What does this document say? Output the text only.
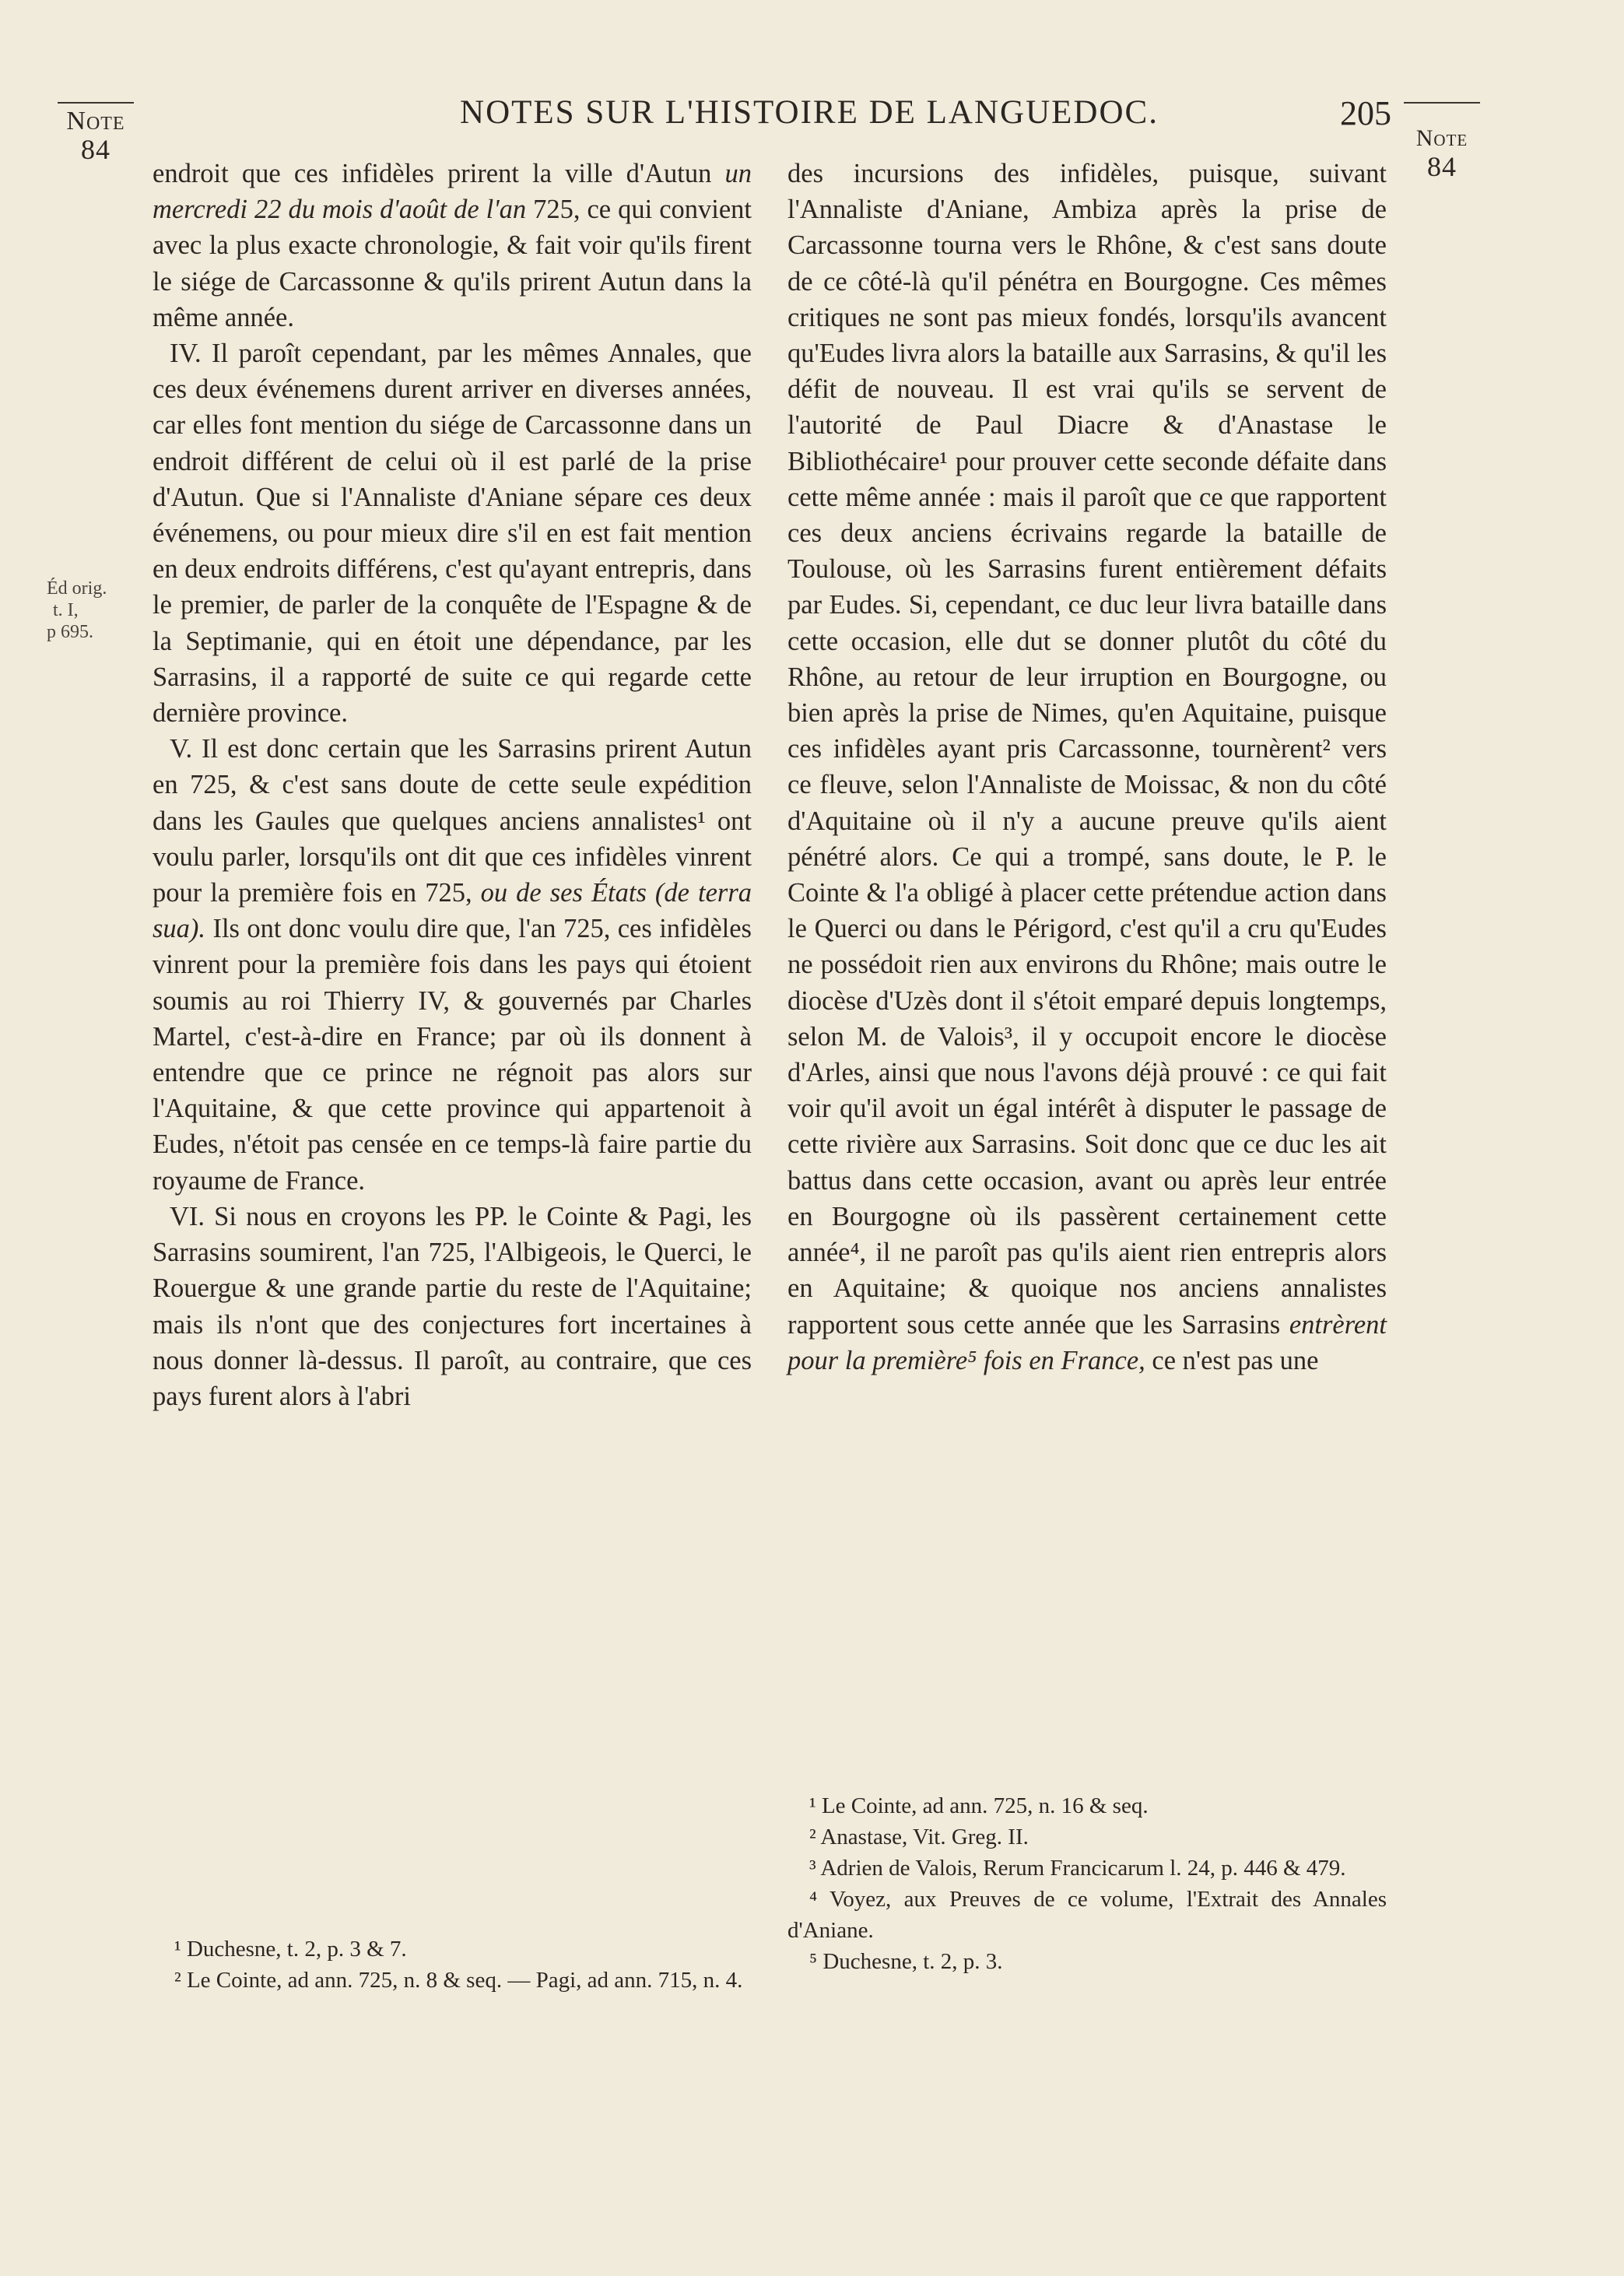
Note
84
NOTES SUR L'HISTOIRE DE LANGUEDOC.	205
Note
84
Éd orig.
t. I,
p 695.

endroit que ces infidèles prirent la ville d'Autun un mercredi 22 du mois d'août de l'an 725, ce qui convient avec la plus exacte chronologie, & fait voir qu'ils firent le siége de Carcassonne & qu'ils prirent Autun dans la même année.

IV. Il paroît cependant, par les mêmes Annales, que ces deux événemens durent arriver en diverses années, car elles font mention du siége de Carcassonne dans un endroit différent de celui où il est parlé de la prise d'Autun. Que si l'Annaliste d'Aniane sépare ces deux événemens, ou pour mieux dire s'il en est fait mention en deux endroits différens, c'est qu'ayant entrepris, dans le premier, de parler de la conquête de l'Espagne & de la Septimanie, qui en étoit une dépendance, par les Sarrasins, il a rapporté de suite ce qui regarde cette dernière province.

V. Il est donc certain que les Sarrasins prirent Autun en 725, & c'est sans doute de cette seule expédition dans les Gaules que quelques anciens annalistes¹ ont voulu parler, lorsqu'ils ont dit que ces infidèles vinrent pour la première fois en 725, ou de ses États (de terra sua). Ils ont donc voulu dire que, l'an 725, ces infidèles vinrent pour la première fois dans les pays qui étoient soumis au roi Thierry IV, & gouvernés par Charles Martel, c'est-à-dire en France; par où ils donnent à entendre que ce prince ne régnoit pas alors sur l'Aquitaine, & que cette province qui appartenoit à Eudes, n'étoit pas censée en ce temps-là faire partie du royaume de France.

VI. Si nous en croyons les PP. le Cointe & Pagi, les Sarrasins soumirent, l'an 725, l'Albigeois, le Querci, le Rouergue & une grande partie du reste de l'Aquitaine; mais ils n'ont que des conjectures fort incertaines à nous donner là-dessus. Il paroît, au contraire, que ces pays furent alors à l'abri

des incursions des infidèles, puisque, suivant l'Annaliste d'Aniane, Ambiza après la prise de Carcassonne tourna vers le Rhône, & c'est sans doute de ce côté-là qu'il pénétra en Bourgogne. Ces mêmes critiques ne sont pas mieux fondés, lorsqu'ils avancent qu'Eudes livra alors la bataille aux Sarrasins, & qu'il les défit de nouveau. Il est vrai qu'ils se servent de l'autorité de Paul Diacre & d'Anastase le Bibliothécaire¹ pour prouver cette seconde défaite dans cette même année : mais il paroît que ce que rapportent ces deux anciens écrivains regarde la bataille de Toulouse, où les Sarrasins furent entièrement défaits par Eudes. Si, cependant, ce duc leur livra bataille dans cette occasion, elle dut se donner plutôt du côté du Rhône, au retour de leur irruption en Bourgogne, ou bien après la prise de Nimes, qu'en Aquitaine, puisque ces infidèles ayant pris Carcassonne, tournèrent² vers ce fleuve, selon l'Annaliste de Moissac, & non du côté d'Aquitaine où il n'y a aucune preuve qu'ils aient pénétré alors. Ce qui a trompé, sans doute, le P. le Cointe & l'a obligé à placer cette prétendue action dans le Querci ou dans le Périgord, c'est qu'il a cru qu'Eudes ne possédoit rien aux environs du Rhône; mais outre le diocèse d'Uzès dont il s'étoit emparé depuis longtemps, selon M. de Valois³, il y occupoit encore le diocèse d'Arles, ainsi que nous l'avons déjà prouvé : ce qui fait voir qu'il avoit un égal intérêt à disputer le passage de cette rivière aux Sarrasins. Soit donc que ce duc les ait battus dans cette occasion, avant ou après leur entrée en Bourgogne où ils passèrent certainement cette année⁴, il ne paroît pas qu'ils aient rien entrepris alors en Aquitaine; & quoique nos anciens annalistes rapportent sous cette année que les Sarrasins entrèrent pour la première⁵ fois en France, ce n'est pas une

¹ Duchesne, t. 2, p. 3 & 7.
² Le Cointe, ad ann. 725, n. 8 & seq. — Pagi, ad ann. 715, n. 4.
¹ Le Cointe, ad ann. 725, n. 16 & seq.
² Anastase, Vit. Greg. II.
³ Adrien de Valois, Rerum Francicarum l. 24, p. 446 & 479.
⁴ Voyez, aux Preuves de ce volume, l'Extrait des Annales d'Aniane.
⁵ Duchesne, t. 2, p. 3.
